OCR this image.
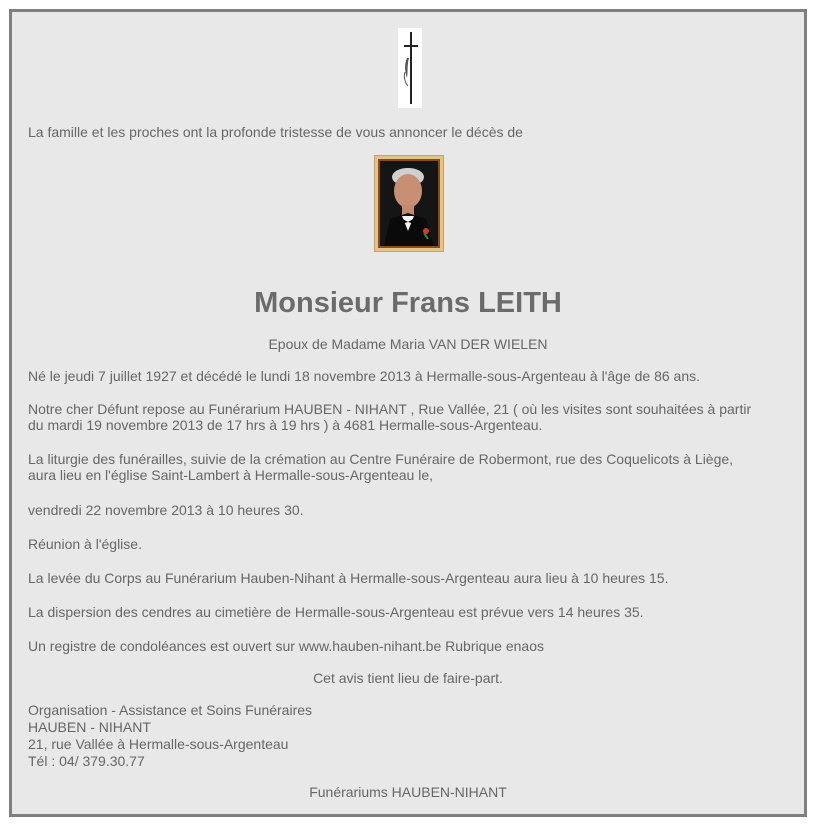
La famille et les proches ont la profonde tristesse de vous annoncer le décès de

Monsieur Frans LEITH

Epoux de Madame Maria VAN DER WIELEN

Né le jeudi 7 juillet 1927 et décédé le lundi 18 novembre 2013 à Hermalle-sous-Argenteau à l'âge de 86 ans.

Notre cher Défunt repose au Funérarium HAUBEN - NIHANT , Rue Vallée, 21 ( où les visites sont souhaitées à partir
du mardi 19 novembre 2013 de 17 hrs à 19 hrs ) à 4681 Hermalle-sous-Argenteau.
La liturgie des funérailles, suivie de la crémation au Centre Funéraire de Robermont, rue des Coquelicots à Liège,
aura lieu en l'église Saint-Lambert à Hermalle-sous-Argenteau le,

vendredi 22 novembre 2013 à 10 heures 30.

Réunion à l'église.

La levée du Corps au Funérarium Hauben-Nihant à Hermalle-sous-Argenteau aura lieu à 10 heures 15.

La dispersion des cendres au cimetière de Hermalle-sous-Argenteau est prévue vers 14 heures 35.

Un registre de condoléances est ouvert sur www.hauben-nihant.be Rubrique enaos

Cet avis tient lieu de faire-part.

Organisation - Assistance et Soins Funéraires
HAUBEN - NIHANT
21, rue Vallée à Hermalle-sous-Argenteau
Tél : 04/ 379.30.77

Funérariums HAUBEN-NIHANT
